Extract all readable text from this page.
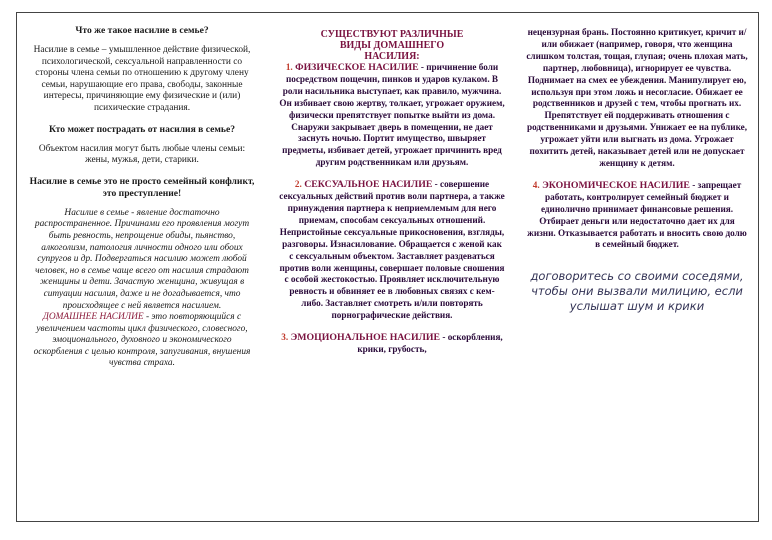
Что же такое насилие в семье?
Насилие в семье – умышленное действие физической, психологической, сексуальной направленности со стороны члена семьи по отношению к другому члену семьи, нарушающие его права, свободы, законные интересы, причиняющие ему физические и (или) психические страдания.
Кто может пострадать от насилия в семье?
Объектом насилия могут быть любые члены семьи: жены, мужья, дети, старики.
Насилие в семье это не просто семейный конфликт, это преступление!
Насилие в семье - явление достаточно распространенное. Причинами его проявления могут быть ревность, непрощение обиды, пьянство, алкоголизм, патология личности одного или обоих супругов и др. Подвергаться насилию может любой человек, но в семье чаще всего от насилия страдают женщины и дети. Зачастую женщина, живущая в ситуации насилия, даже и не догадывается, что происходящее с ней является насилием.
ДОМАШНЕЕ НАСИЛИЕ - это повторяющийся с увеличением частоты цикл физического, словесного, эмоционального, духовного и экономического оскорбления с целью контроля, запугивания, внушения чувства страха.
СУЩЕСТВУЮТ РАЗЛИЧНЫЕ ВИДЫ ДОМАШНЕГО НАСИЛИЯ:

1. ФИЗИЧЕСКОЕ НАСИЛИЕ - причинение боли посредством пощечин, пинков и ударов кулаком. В роли насильника выступает, как правило, мужчина. Он избивает свою жертву, толкает, угрожает оружием, физически препятствует попытке выйти из дома. Снаружи закрывает дверь в помещении, не дает заснуть ночью. Портит имущество, швыряет предметы, избивает детей, угрожает причинить вред другим родственникам или друзьям.

2. СЕКСУАЛЬНОЕ НАСИЛИЕ - совершение сексуальных действий против воли партнера, а также принуждения партнера к неприемлемым для него приемам, способам сексуальных отношений. Непристойные сексуальные прикосновения, взгляды, разговоры. Изнасилование. Обращается с женой как с сексуальным объектом. Заставляет раздеваться против воли женщины, совершает половые сношения с особой жестокостью. Проявляет исключительную ревность и обвиняет ее в любовных связях с кем-либо. Заставляет смотреть и/или повторять порнографические действия.

3. ЭМОЦИОНАЛЬНОЕ НАСИЛИЕ - оскорбления, крики, грубость,

нецензурная брань. Постоянно критикует, кричит и/или обижает (например, говоря, что женщина слишком толстая, тощая, глупая; очень плохая мать, партнер, любовница), игнорирует ее чувства. Поднимает на смех ее убеждения. Манипулирует ею, используя при этом ложь и несогласие. Обижает ее родственников и друзей с тем, чтобы прогнать их. Препятствует ей поддерживать отношения с родственниками и друзьями. Унижает ее на публике, угрожает уйти или выгнать из дома. Угрожает похитить детей, наказывает детей или не допускает женщину к детям.

4. ЭКОНОМИЧЕСКОЕ НАСИЛИЕ - запрещает работать, контролирует семейный бюджет и единолично принимает финансовые решения. Отбирает деньги или недостаточно дает их для жизни. Отказывается работать и вносить свою долю в семейный бюджет.

договоритесь со своими соседями, чтобы они вызвали милицию, если услышат шум и крики
